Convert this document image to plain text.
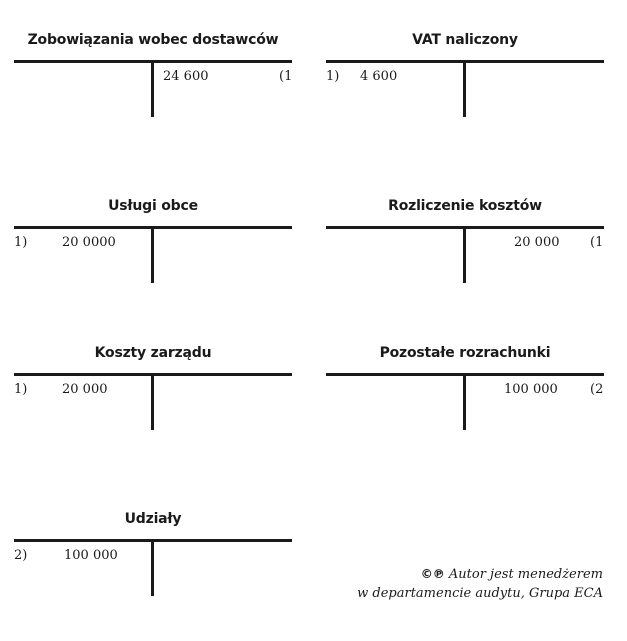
Zobowiązania wobec dostawców
24 600	(1
VAT naliczony
1) 4 600
Usługi obce
1)	20 0000
Rozliczenie kosztów
20 000 (1
Koszty zarządu
1)	20 000
Pozostałe rozrachunki
100 000 (2
Udziały
2)	100 000
©℗ Autor jest menedżerem
w departamencie audytu, Grupa ECA
